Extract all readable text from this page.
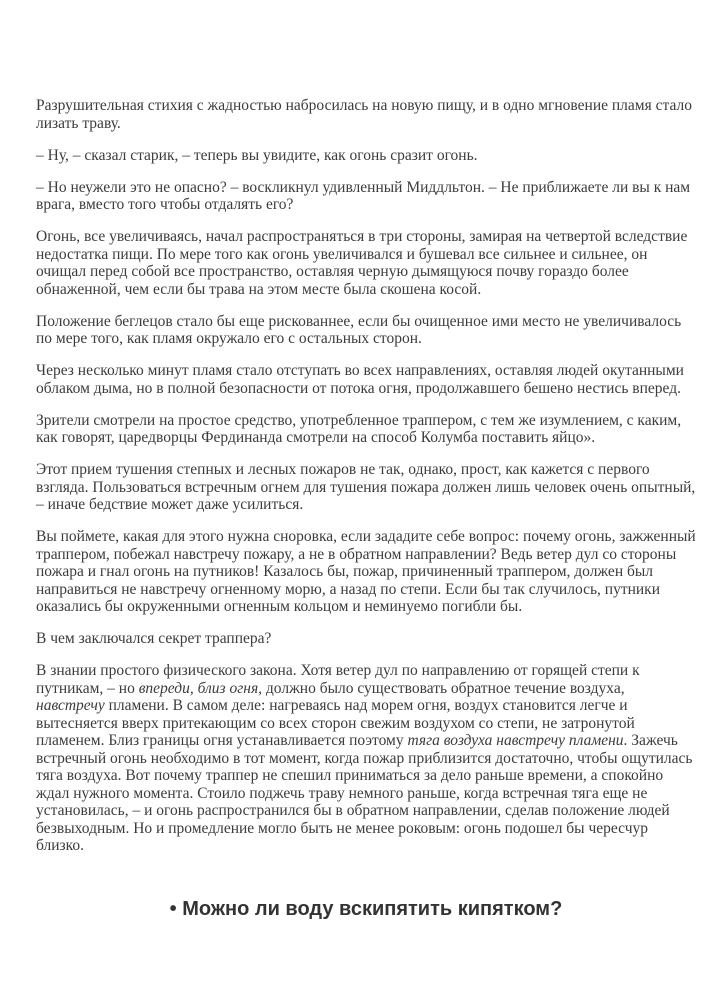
Разрушительная стихия с жадностью набросилась на новую пищу, и в одно мгновение пламя стало лизать траву.

– Ну, – сказал старик, – теперь вы увидите, как огонь сразит огонь.

– Но неужели это не опасно? – воскликнул удивленный Миддльтон. – Не приближаете ли вы к нам врага, вместо того чтобы отдалять его?

Огонь, все увеличиваясь, начал распространяться в три стороны, замирая на четвертой вследствие недостатка пищи. По мере того как огонь увеличивался и бушевал все сильнее и сильнее, он очищал перед собой все пространство, оставляя черную дымящуюся почву гораздо более обнаженной, чем если бы трава на этом месте была скошена косой.

Положение беглецов стало бы еще рискованнее, если бы очищенное ими место не увеличивалось по мере того, как пламя окружало его с остальных сторон.

Через несколько минут пламя стало отступать во всех направлениях, оставляя людей окутанными облаком дыма, но в полной безопасности от потока огня, продолжавшего бешено нестись вперед.

Зрители смотрели на простое средство, употребленное траппером, с тем же изумлением, с каким, как говорят, царедворцы Фердинанда смотрели на способ Колумба поставить яйцо».

Этот прием тушения степных и лесных пожаров не так, однако, прост, как кажется с первого взгляда. Пользоваться встречным огнем для тушения пожара должен лишь человек очень опытный, – иначе бедствие может даже усилиться.

Вы поймете, какая для этого нужна сноровка, если зададите себе вопрос: почему огонь, зажженный траппером, побежал навстречу пожару, а не в обратном направлении? Ведь ветер дул со стороны пожара и гнал огонь на путников! Казалось бы, пожар, причиненный траппером, должен был направиться не навстречу огненному морю, а назад по степи. Если бы так случилось, путники оказались бы окруженными огненным кольцом и неминуемо погибли бы.

В чем заключался секрет траппера?

В знании простого физического закона. Хотя ветер дул по направлению от горящей степи к путникам, – но впереди, близ огня, должно было существовать обратное течение воздуха, навстречу пламени. В самом деле: нагреваясь над морем огня, воздух становится легче и вытесняется вверх притекающим со всех сторон свежим воздухом со степи, не затронутой пламенем. Близ границы огня устанавливается поэтому тяга воздуха навстречу пламени. Зажечь встречный огонь необходимо в тот момент, когда пожар приблизится достаточно, чтобы ощутилась тяга воздуха. Вот почему траппер не спешил приниматься за дело раньше времени, а спокойно ждал нужного момента. Стоило поджечь траву немного раньше, когда встречная тяга еще не установилась, – и огонь распространился бы в обратном направлении, сделав положение людей безвыходным. Но и промедление могло быть не менее роковым: огонь подошел бы чересчур близко.

• Можно ли воду вскипятить кипятком?
